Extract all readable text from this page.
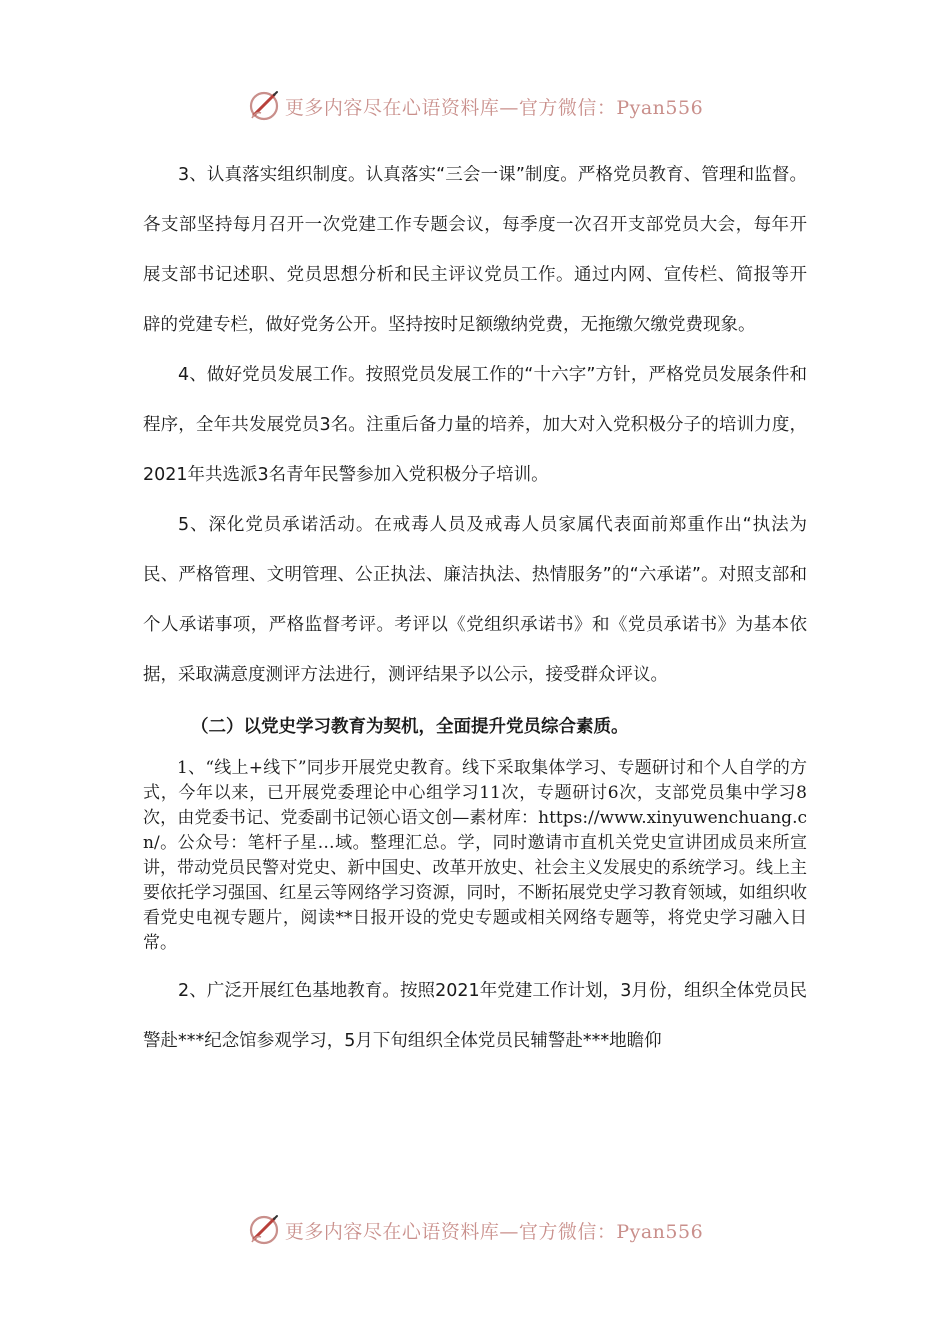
更多内容尽在心语资料库—官方微信：Pyan556

3、认真落实组织制度。认真落实“三会一课”制度。严格党员教育、管理和监督。各支部坚持每月召开一次党建工作专题会议，每季度一次召开支部党员大会，每年开展支部书记述职、党员思想分析和民主评议党员工作。通过内网、宣传栏、简报等开辟的党建专栏，做好党务公开。坚持按时足额缴纳党费，无拖缴欠缴党费现象。

4、做好党员发展工作。按照党员发展工作的“十六字”方针，严格党员发展条件和程序，全年共发展党员3名。注重后备力量的培养，加大对入党积极分子的培训力度，2021年共选派3名青年民警参加入党积极分子培训。

5、深化党员承诺活动。在戒毒人员及戒毒人员家属代表面前郑重作出“执法为民、严格管理、文明管理、公正执法、廉洁执法、热情服务”的“六承诺”。对照支部和个人承诺事项，严格监督考评。考评以《党组织承诺书》和《党员承诺书》为基本依据，采取满意度测评方法进行，测评结果予以公示，接受群众评议。

（二）以党史学习教育为契机，全面提升党员综合素质。

1、“线上+线下”同步开展党史教育。线下采取集体学习、专题研讨和个人自学的方式，今年以来，已开展党委理论中心组学习11次，专题研讨6次，支部党员集中学习8次，由党委书记、党委副书记领心语文创—素材库：https://www.xinyuwenchuang.cn/。公众号：笔杆子星…域。整理汇总。学，同时邀请市直机关党史宣讲团成员来所宣讲，带动党员民警对党史、新中国史、改革开放史、社会主义发展史的系统学习。线上主要依托学习强国、红星云等网络学习资源，同时，不断拓展党史学习教育领域，如组织收看党史电视专题片，阅读**日报开设的党史专题或相关网络专题等，将党史学习融入日常。

2、广泛开展红色基地教育。按照2021年党建工作计划，3月份，组织全体党员民警赴***纪念馆参观学习，5月下旬组织全体党员民辅警赴***地瞻仰

更多内容尽在心语资料库—官方微信：Pyan556
